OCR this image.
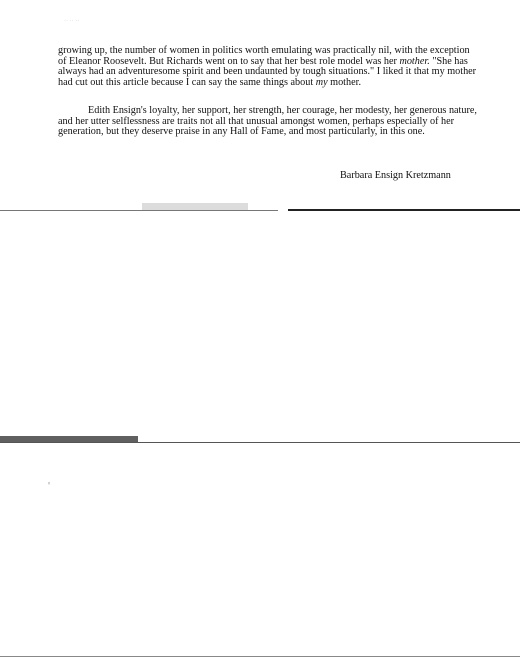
·· ·· ··

growing up, the number of women in politics worth emulating was practically nil, with the exception of Eleanor Roosevelt. But Richards went on to say that her best role model was her mother. "She has always had an adventuresome spirit and been undaunted by tough situations." I liked it that my mother had cut out this article because I can say the same things about my mother.

Edith Ensign's loyalty, her support, her strength, her courage, her modesty, her generous nature, and her utter selflessness are traits not all that unusual amongst women, perhaps especially of her generation, but they deserve praise in any Hall of Fame, and most particularly, in this one.

Barbara Ensign Kretzmann
ᵛ
